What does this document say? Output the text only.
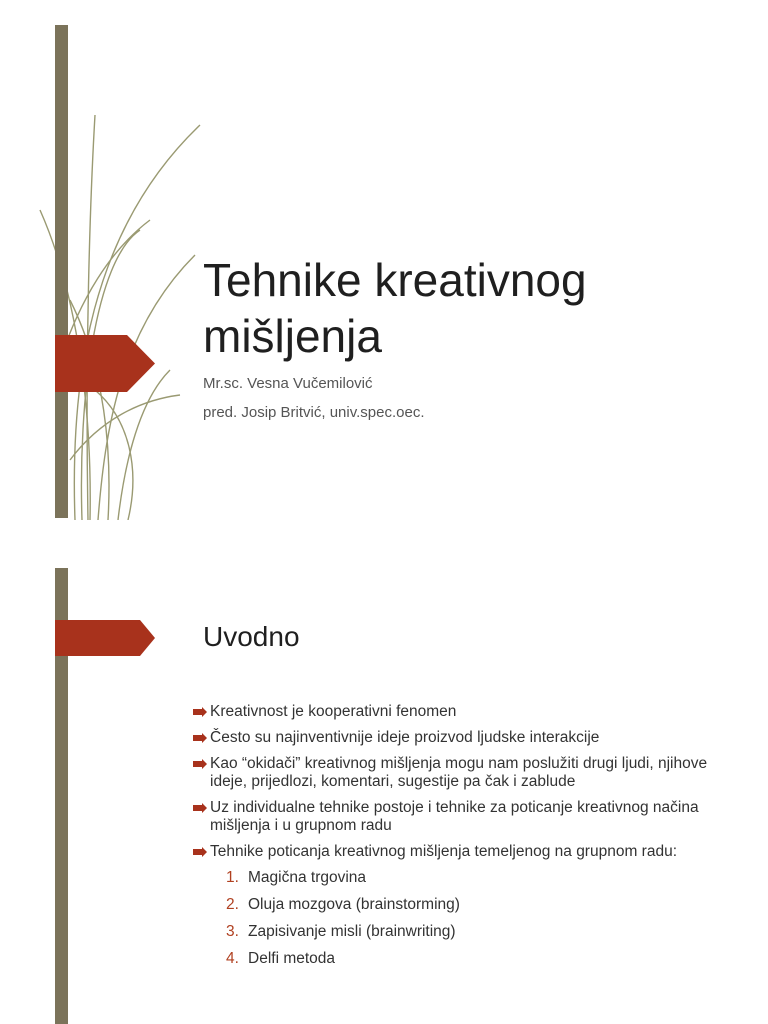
Tehnike kreativnog
mišljenja

Mr.sc. Vesna Vučemilović

pred. Josip Britvić, univ.spec.oec.

Uvodno
Kreativnost je kooperativni fenomen
Često su najinventivnije ideje proizvod ljudske interakcije
Kao “okidači” kreativnog mišljenja mogu nam poslužiti drugi ljudi, njihove ideje, prijedlozi, komentari, sugestije pa čak i zablude
Uz individualne tehnike postoje i tehnike za poticanje kreativnog načina mišljenja i u grupnom radu
Tehnike poticanja kreativnog mišljenja temeljenog na grupnom radu:
1. Magična trgovina
2. Oluja mozgova (brainstorming)
3. Zapisivanje misli (brainwriting)
4. Delfi metoda
